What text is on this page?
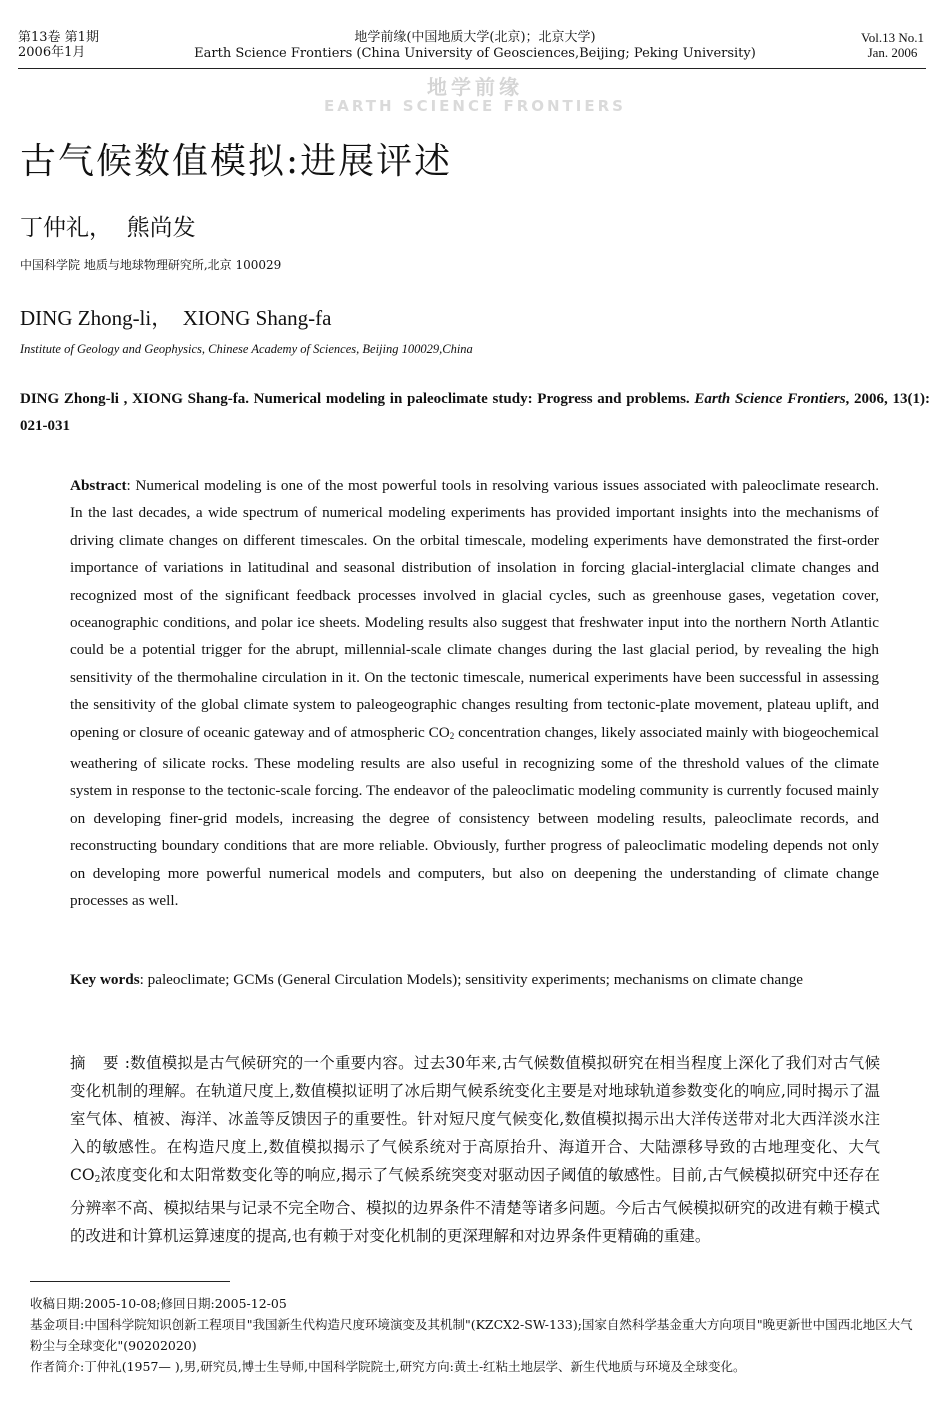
第13卷 第1期
2006年1月
地学前缘(中国地质大学(北京)；北京大学)
Earth Science Frontiers (China University of Geosciences,Beijing; Peking University)
Vol.13 No.1
Jan. 2006
地学前缘
EARTH SCIENCE FRONTIERS
古气候数值模拟:进展评述
丁仲礼，  熊尚发
中国科学院 地质与地球物理研究所,北京 100029
DING Zhong-li，  XIONG Shang-fa
Institute of Geology and Geophysics, Chinese Academy of Sciences, Beijing 100029,China
DING Zhong-li , XIONG Shang-fa. Numerical modeling in paleoclimate study: Progress and problems. Earth Science Frontiers, 2006, 13(1): 021-031
Abstract: Numerical modeling is one of the most powerful tools in resolving various issues associated with paleoclimate research. In the last decades, a wide spectrum of numerical modeling experiments has provided important insights into the mechanisms of driving climate changes on different timescales. On the orbital timescale, modeling experiments have demonstrated the first-order importance of variations in latitudinal and seasonal distribution of insolation in forcing glacial-interglacial climate changes and recognized most of the significant feedback processes involved in glacial cycles, such as greenhouse gases, vegetation cover, oceanographic conditions, and polar ice sheets. Modeling results also suggest that freshwater input into the northern North Atlantic could be a potential trigger for the abrupt, millennial-scale climate changes during the last glacial period, by revealing the high sensitivity of the thermohaline circulation in it. On the tectonic timescale, numerical experiments have been successful in assessing the sensitivity of the global climate system to paleogeographic changes resulting from tectonic-plate movement, plateau uplift, and opening or closure of oceanic gateway and of atmospheric $CO_2$ concentration changes, likely associated mainly with biogeochemical weathering of silicate rocks. These modeling results are also useful in recognizing some of the threshold values of the climate system in response to the tectonic-scale forcing. The endeavor of the paleoclimatic modeling community is currently focused mainly on developing finer-grid models, increasing the degree of consistency between modeling results, paleoclimate records, and reconstructing boundary conditions that are more reliable. Obviously, further progress of paleoclimatic modeling depends not only on developing more powerful numerical models and computers, but also on deepening the understanding of climate change processes as well.
Key words: paleoclimate; GCMs (General Circulation Models); sensitivity experiments; mechanisms on climate change
摘 要:数值模拟是古气候研究的一个重要内容。过去30年来,古气候数值模拟研究在相当程度上深化了我们对古气候变化机制的理解。在轨道尺度上,数值模拟证明了冰后期气候系统变化主要是对地球轨道参数变化的响应,同时揭示了温室气体、植被、海洋、冰盖等反馈因子的重要性。针对短尺度气候变化,数值模拟揭示出大洋传送带对北大西洋淡水注入的敏感性。在构造尺度上,数值模拟揭示了气候系统对于高原抬升、海道开合、大陆漂移导致的古地理变化、大气$CO_2$浓度变化和太阳常数变化等的响应,揭示了气候系统突变对驱动因子阈值的敏感性。目前,古气候模拟研究中还存在分辨率不高、模拟结果与记录不完全吻合、模拟的边界条件不清楚等诸多问题。今后古气候模拟研究的改进有赖于模式的改进和计算机运算速度的提高,也有赖于对变化机制的更深理解和对边界条件更精确的重建。

收稿日期:2005-10-08;修回日期:2005-12-05

基金项目:中国科学院知识创新工程项目"我国新生代构造尺度环境演变及其机制"(KZCX2-SW-133);国家自然科学基金重大方向项目"晚更新世中国西北地区大气粉尘与全球变化"(90202020)

作者简介:丁仲礼(1957— ),男,研究员,博士生导师,中国科学院院士,研究方向:黄土-红粘土地层学、新生代地质与环境及全球变化。
